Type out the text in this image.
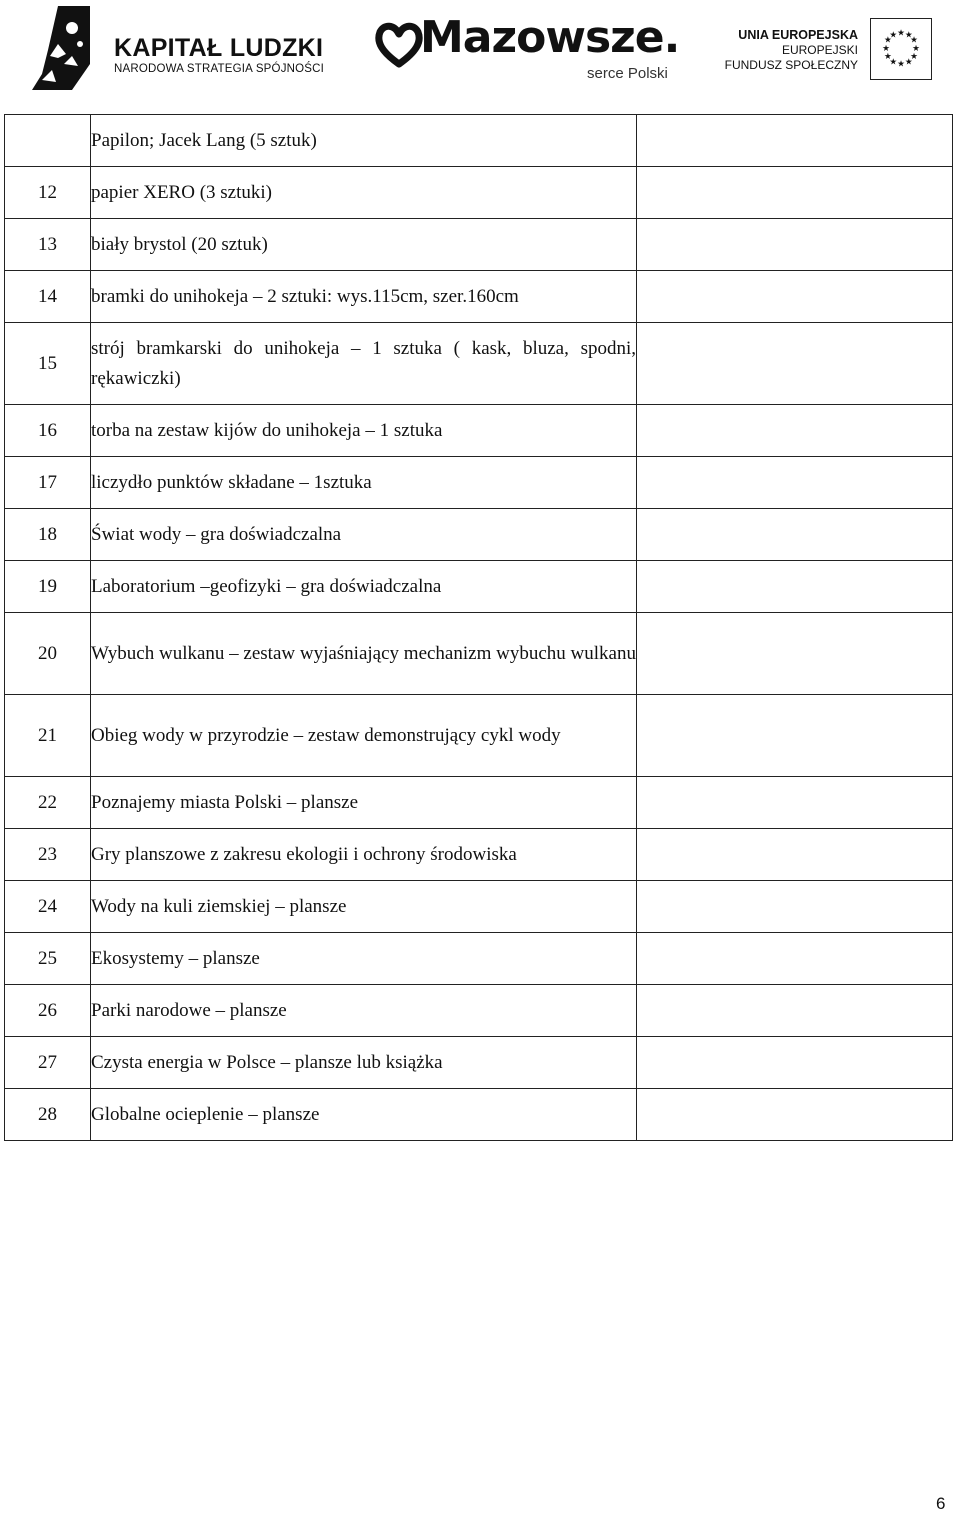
KAPITAŁ LUDZKI
NARODOWA STRATEGIA SPÓJNOŚCI
Mazowsze.
serce Polski
UNIA EUROPEJSKA
EUROPEJSKI
FUNDUSZ SPOŁECZNY
★ ★
★
★
★
★
★
★
★
★
★
★
	Papilon; Jacek Lang (5 sztuk)	
12	papier XERO (3 sztuki)	
13	biały brystol (20 sztuk)	
14	bramki do unihokeja – 2 sztuki: wys.115cm, szer.160cm	
15	strój bramkarski do unihokeja – 1 sztuka ( kask, bluza, spodni, rękawiczki)	
16	torba na zestaw kijów do unihokeja – 1 sztuka	
17	liczydło punktów składane – 1sztuka	
18	Świat wody – gra doświadczalna	
19	Laboratorium –geofizyki – gra doświadczalna	
20	Wybuch wulkanu – zestaw wyjaśniający mechanizm wybuchu wulkanu	
21	Obieg wody w przyrodzie – zestaw demonstrujący cykl wody	
22	Poznajemy miasta Polski – plansze	
23	Gry planszowe z zakresu ekologii i ochrony środowiska	
24	Wody na kuli ziemskiej – plansze	
25	Ekosystemy – plansze	
26	Parki narodowe – plansze	
27	Czysta energia w Polsce – plansze lub książka	
28	Globalne ocieplenie – plansze	
6
